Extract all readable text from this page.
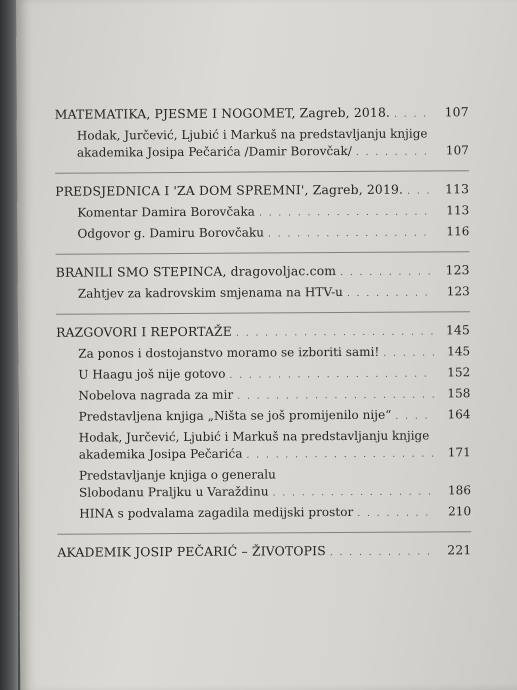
MATEMATIKA, PJESME I NOGOMET, Zagreb, 2018. . . .	107
Hodak, Jurčević, Ljubić i Markuš na predstavljanju knjige
akademika Josipa Pečarića /Damir Borovčak/ . . .	107
PREDSJEDNICA I 'ZA DOM SPREMNI', Zagreb, 2019. . . .	113
Komentar Damira Borovčaka . . .	113
Odgovor g. Damiru Borovčaku . . .	116
BRANILI SMO STEPINCA, dragovoljac.com . . .	123
Zahtjev za kadrovskim smjenama na HTV-u . . .	123
RAZGOVORI I REPORTAŽE . . .	145
Za ponos i dostojanstvo moramo se izboriti sami! . . .	145
U Haagu još nije gotovo . . .	152
Nobelova nagrada za mir . . .	158
Predstavljena knjiga „Ništa se još promijenilo nije“ . . .	164
Hodak, Jurčević, Ljubić i Markuš na predstavljanju knjige
akademika Josipa Pečarića . . .	171
Predstavljanje knjiga o generalu
Slobodanu Praljku u Varaždinu . . .	186
HINA s podvalama zagadila medijski prostor . . .	210
AKADEMIK JOSIP PEČARIĆ – ŽIVOTOPIS . . .	221
